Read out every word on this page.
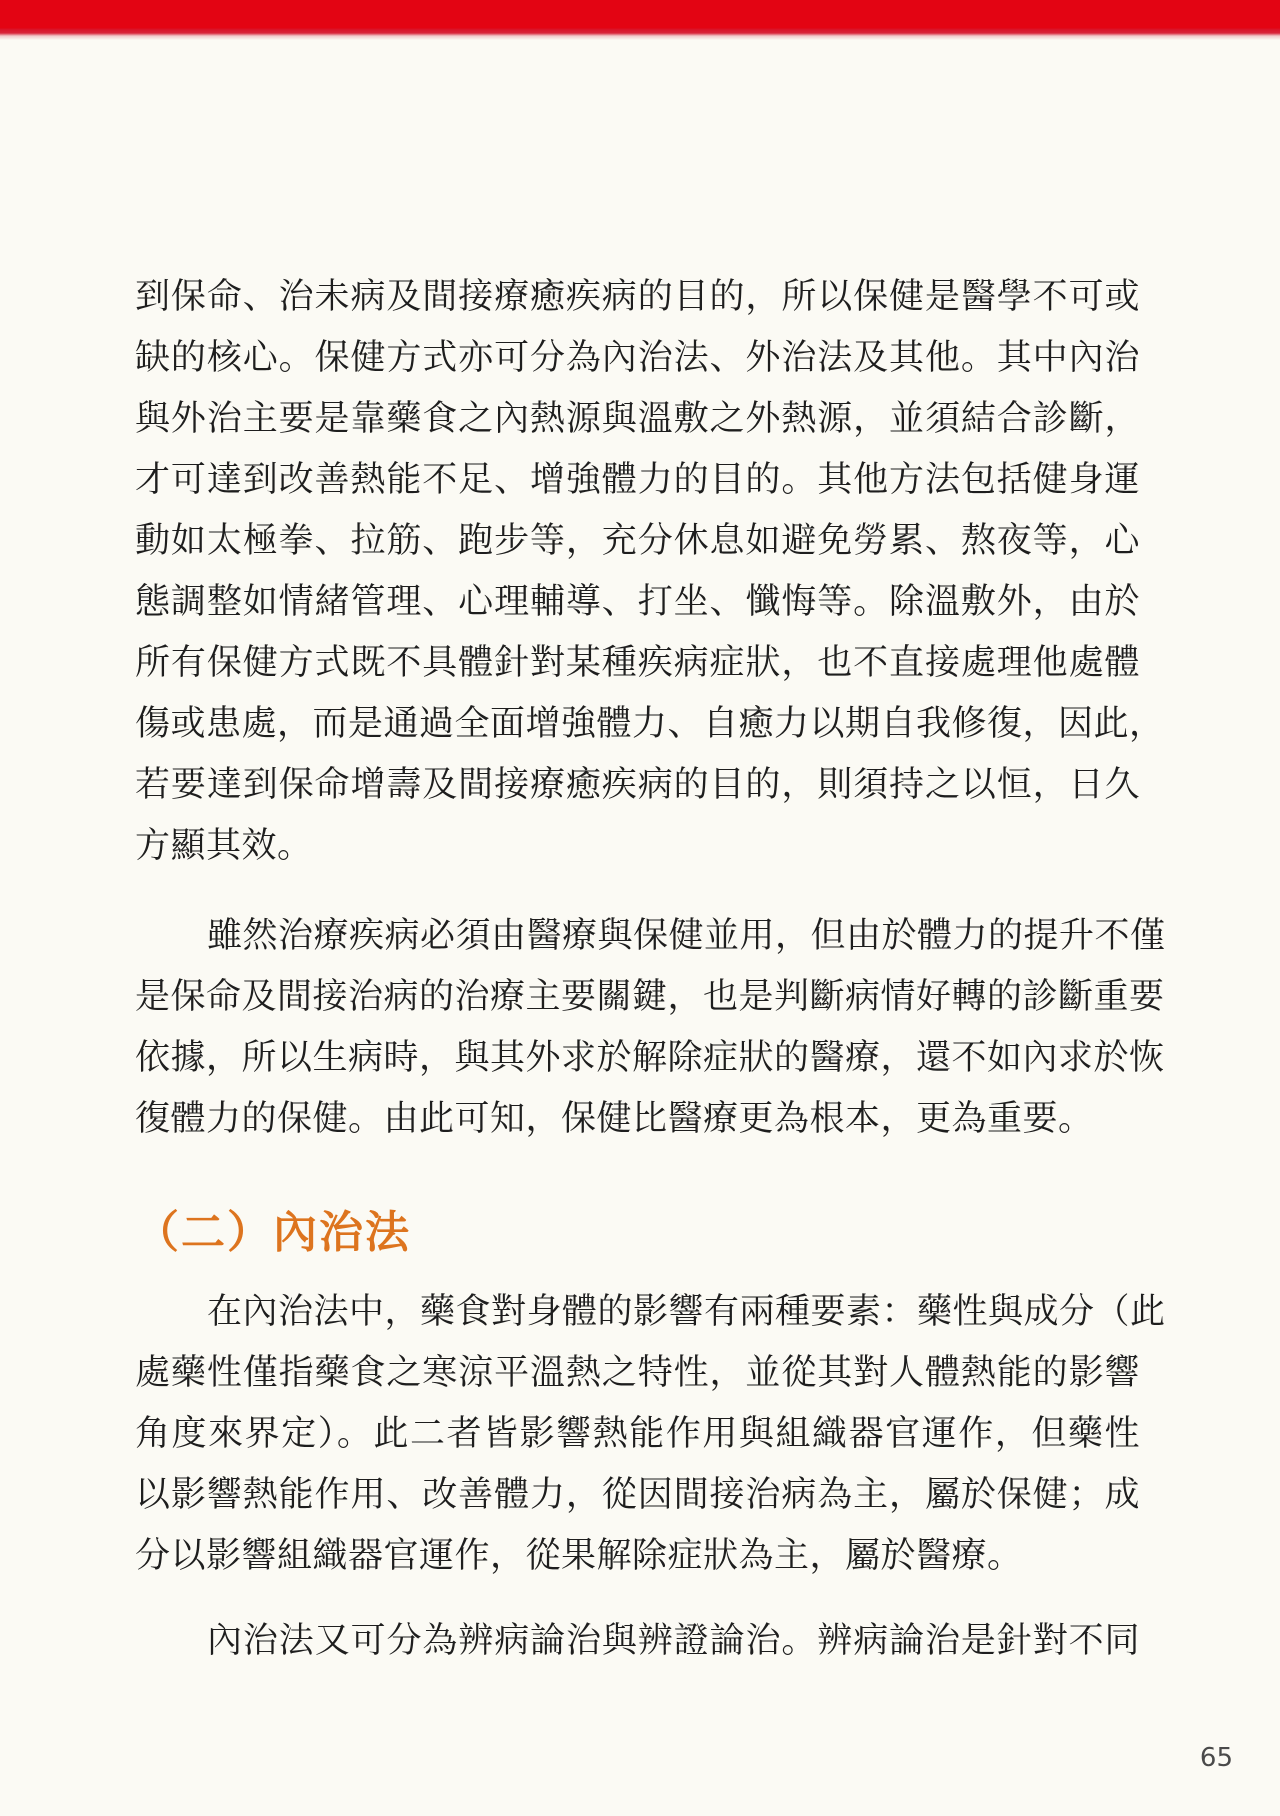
到保命、治未病及間接療癒疾病的目的，所以保健是醫學不可或
缺的核心。保健方式亦可分為內治法、外治法及其他。其中內治
與外治主要是靠藥食之內熱源與溫敷之外熱源，並須結合診斷，
才可達到改善熱能不足、增強體力的目的。其他方法包括健身運
動如太極拳、拉筋、跑步等，充分休息如避免勞累、熬夜等，心
態調整如情緒管理、心理輔導、打坐、懺悔等。除溫敷外，由於
所有保健方式既不具體針對某種疾病症狀，也不直接處理他處體
傷或患處，而是通過全面增強體力、自癒力以期自我修復，因此，
若要達到保命增壽及間接療癒疾病的目的，則須持之以恒，日久
方顯其效。
雖然治療疾病必須由醫療與保健並用，但由於體力的提升不僅
是保命及間接治病的治療主要關鍵，也是判斷病情好轉的診斷重要
依據，所以生病時，與其外求於解除症狀的醫療，還不如內求於恢
復體力的保健。由此可知，保健比醫療更為根本，更為重要。
（二）內治法
在內治法中，藥食對身體的影響有兩種要素：藥性與成分（此
處藥性僅指藥食之寒涼平溫熱之特性，並從其對人體熱能的影響
角度來界定）。此二者皆影響熱能作用與組織器官運作，但藥性
以影響熱能作用、改善體力，從因間接治病為主，屬於保健；成
分以影響組織器官運作，從果解除症狀為主，屬於醫療。
內治法又可分為辨病論治與辨證論治。辨病論治是針對不同
65
